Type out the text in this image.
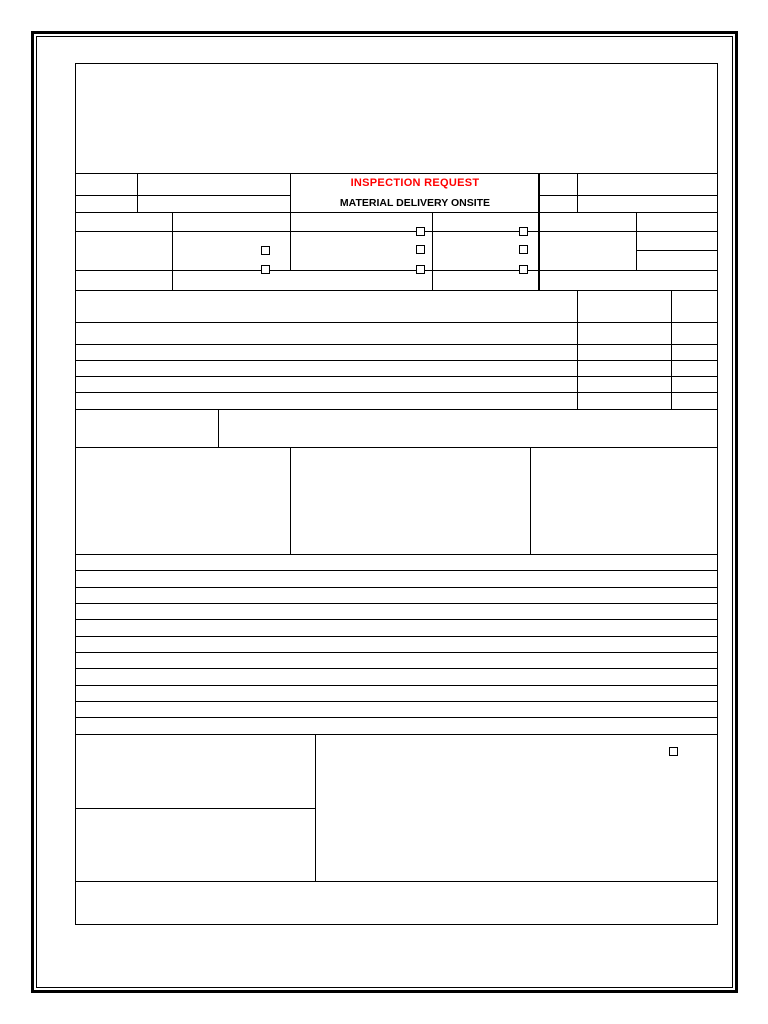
INSPECTION REQUEST
MATERIAL DELIVERY ONSITE
